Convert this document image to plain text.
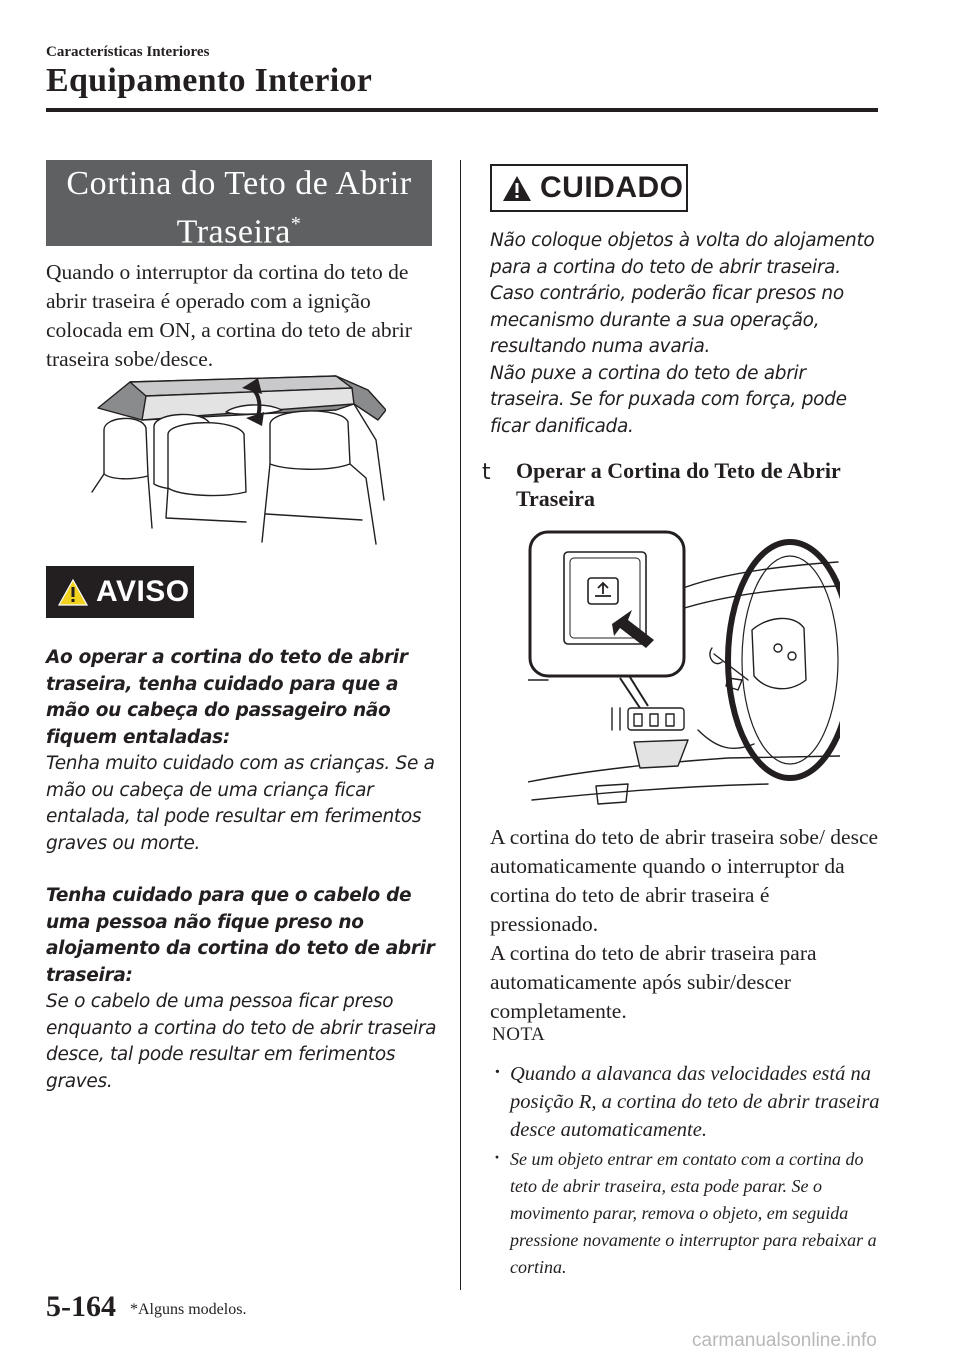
Características Interiores
Equipamento Interior
Cortina do Teto de Abrir
Traseira*
Quando o interruptor da cortina do teto de abrir traseira é operado com a ignição colocada em ON, a cortina do teto de abrir traseira sobe/desce.
AVISO
Ao operar a cortina do teto de abrir traseira, tenha cuidado para que a mão ou cabeça do passageiro não fiquem entaladas:
Tenha muito cuidado com as crianças. Se a mão ou cabeça de uma criança ficar entalada, tal pode resultar em ferimentos graves ou morte.
Tenha cuidado para que o cabelo de uma pessoa não fique preso no alojamento da cortina do teto de abrir traseira:
Se o cabelo de uma pessoa ficar preso enquanto a cortina do teto de abrir traseira desce, tal pode resultar em ferimentos graves.
CUIDADO
Não coloque objetos à volta do alojamento para a cortina do teto de abrir traseira. Caso contrário, poderão ficar presos no mecanismo durante a sua operação, resultando numa avaria.
Não puxe a cortina do teto de abrir traseira. Se for puxada com força, pode ficar danificada.
t Operar a Cortina do Teto de Abrir Traseira
A cortina do teto de abrir traseira sobe/ desce automaticamente quando o interruptor da cortina do teto de abrir traseira é pressionado.
A cortina do teto de abrir traseira para automaticamente após subir/descer completamente.
NOTA
· Quando a alavanca das velocidades está na posição R, a cortina do teto de abrir traseira desce automaticamente.
· Se um objeto entrar em contato com a cortina do teto de abrir traseira, esta pode parar. Se o movimento parar, remova o objeto, em seguida pressione novamente o interruptor para rebaixar a cortina.
5-164 *Alguns modelos.
carmanualsonline.info
